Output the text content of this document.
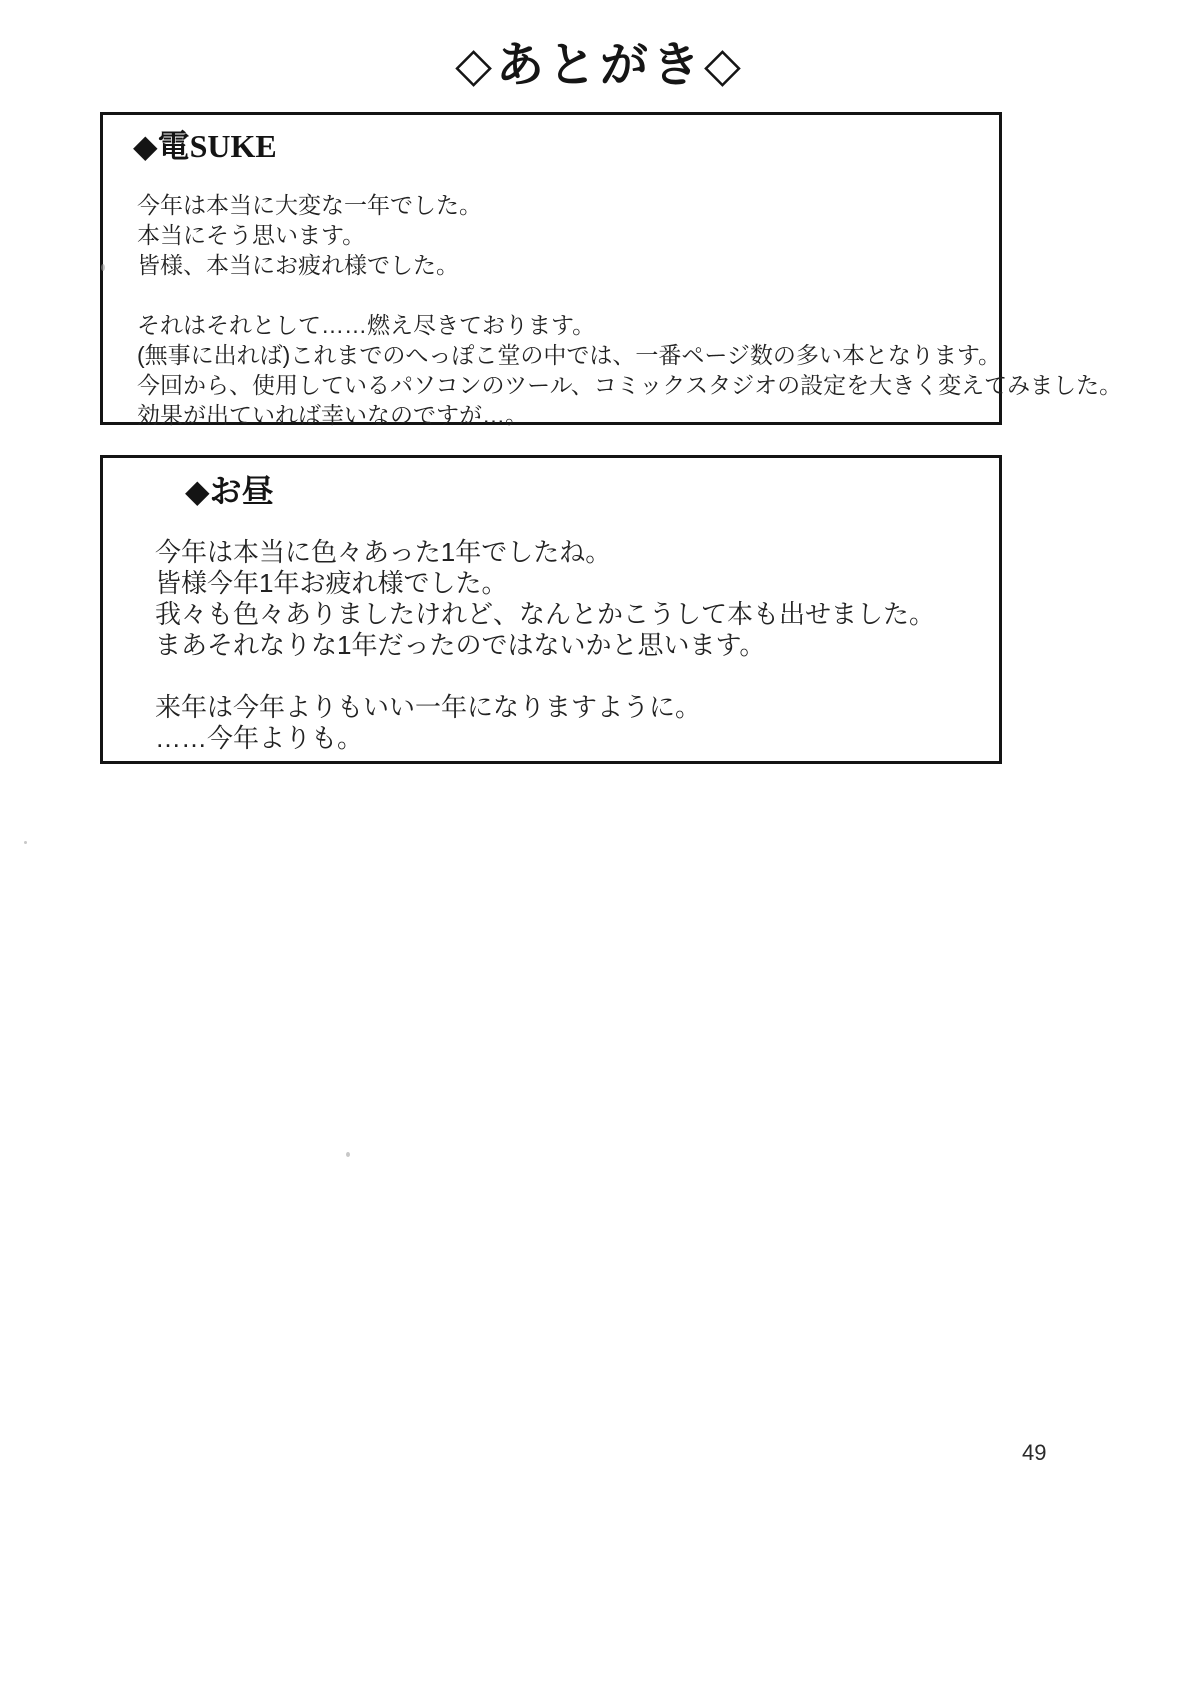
◇あとがき◇
◆電SUKE
今年は本当に大変な一年でした。
本当にそう思います。
皆様、本当にお疲れ様でした。
それはそれとして……燃え尽きております。
(無事に出れば)これまでのへっぽこ堂の中では、一番ページ数の多い本となります。
今回から、使用しているパソコンのツール、コミックスタジオの設定を大きく変えてみました。
効果が出ていれば幸いなのですが…。
◆お昼
今年は本当に色々あった1年でしたね。
皆様今年1年お疲れ様でした。
我々も色々ありましたけれど、なんとかこうして本も出せました。
まあそれなりな1年だったのではないかと思います。
来年は今年よりもいい一年になりますように。
……今年よりも。
49
